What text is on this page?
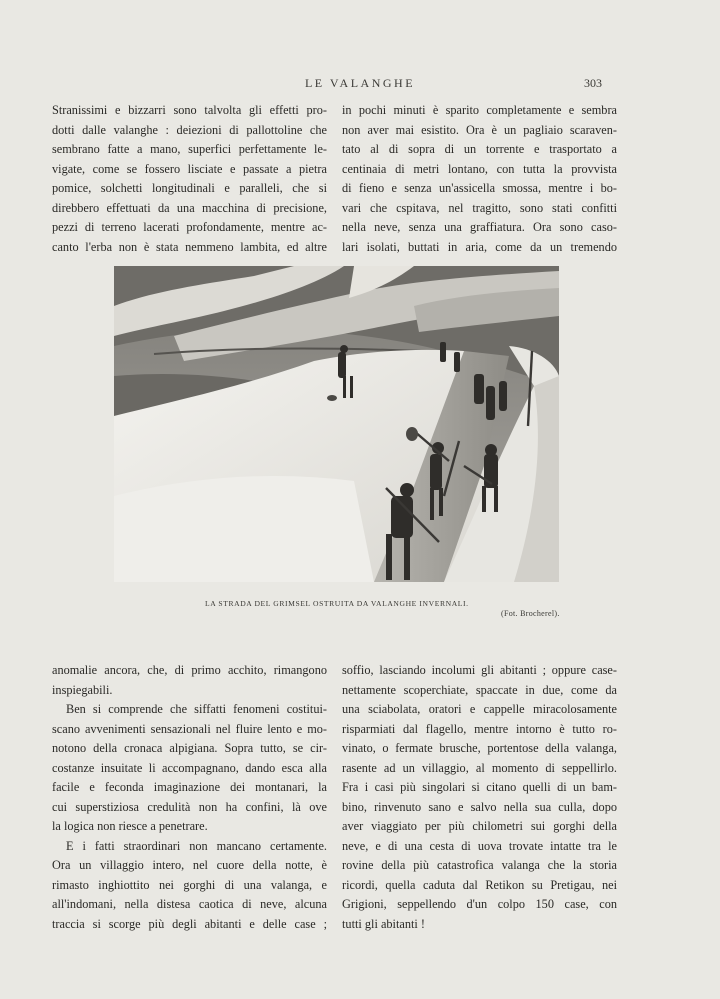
LE VALANGHE	303
Stranissimi e bizzarri sono talvolta gli effetti pro-
dotti dalle valanghe : deiezioni di pallottoline che
sembrano fatte a mano, superfici perfettamente le-
vigate, come se fossero lisciate e passate a pietra
pomice, solchetti longitudinali e paralleli, che si
direbbero effettuati da una macchina di precisione,
pezzi di terreno lacerati profondamente, mentre ac-
canto l'erba non è stata nemmeno lambita, ed altre
in pochi minuti è sparito completamente e sembra
non aver mai esistito. Ora è un pagliaio scaraven-
tato al di sopra di un torrente e trasportato a
centinaia di metri lontano, con tutta la provvista
di fieno e senza un'assicella smossa, mentre i bo-
vari che cspitava, nel tragitto, sono stati confitti
nella neve, senza una graffiatura. Ora sono caso-
lari isolati, buttati in aria, come da un tremendo
LA STRADA DEL GRIMSEL OSTRUITA DA VALANGHE INVERNALI.
(Fot. Brocherel).

anomalie ancora, che, di primo acchito, rimangono
inspiegabili.

Ben si comprende che siffatti fenomeni costitui-
scano avvenimenti sensazionali nel fluire lento e mo-
notono della cronaca alpigiana. Sopra tutto, se cir-
costanze insuitate li accompagnano, dando esca alla
facile e feconda imaginazione dei montanari, la
cui superstiziosa credulità non ha confini, là ove
la logica non riesce a penetrare.

E i fatti straordinari non mancano certamente.
Ora un villaggio intero, nel cuore della notte, è
rimasto inghiottito nei gorghi di una valanga, e
all'indomani, nella distesa caotica di neve, alcuna
traccia si scorge più degli abitanti e delle case ;

soffio, lasciando incolumi gli abitanti ; oppure case-
nettamente scoperchiate, spaccate in due, come da
una sciabolata, oratori e cappelle miracolosamente
risparmiati dal flagello, mentre intorno è tutto ro-
vinato, o fermate brusche, portentose della valanga,
rasente ad un villaggio, al momento di seppellirlo.
Fra i casi più singolari si citano quelli di un bam-
bino, rinvenuto sano e salvo nella sua culla, dopo
aver viaggiato per più chilometri sui gorghi della
neve, e di una cesta di uova trovate intatte tra le
rovine della più catastrofica valanga che la storia
ricordi, quella caduta dal Retikon su Pretigau, nei
Grigioni, seppellendo d'un colpo 150 case, con
tutti gli abitanti !
